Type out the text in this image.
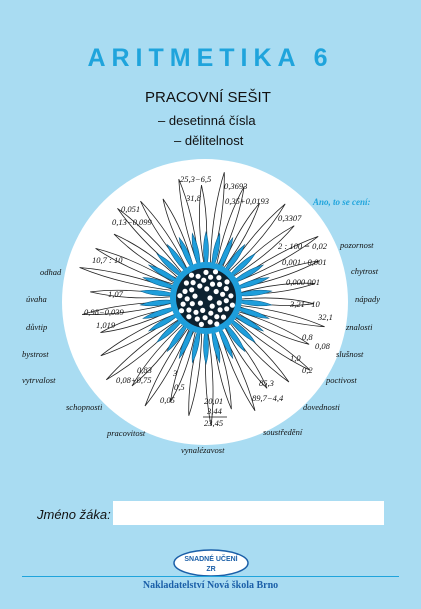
ARITMETIKA 6
PRACOVNÍ SEŠIT
– desetinná čísla
– dělitelnost
Ano, to se cení:
25,3−6,5
0,3693
31,8	0,35+0,0193
0,051
0,13−0,099	0,3307
2 : 100 = 0,02
0,001 · 0,001
10,7 : 10
0,000 001
3,21 · 10
32,1
1,07
0,98−0,039
1,019
0,8
0,08
1,0
0,2
0,83
0,08+0,75
3
0,5	85,3
0,05	20,01
3,44
23,45
89,7−4,4
pozornost
chytrost
nápady
znalosti
slušnost
poctivost
dovednosti
soustředění
vynalézavost
pracovitost
schopnosti
vytrvalost
bystrost
důvtip
úvaha
odhad
Jméno žáka:
SNADNÉ UČENÍ
ZR
Nakladatelství Nová škola Brno
